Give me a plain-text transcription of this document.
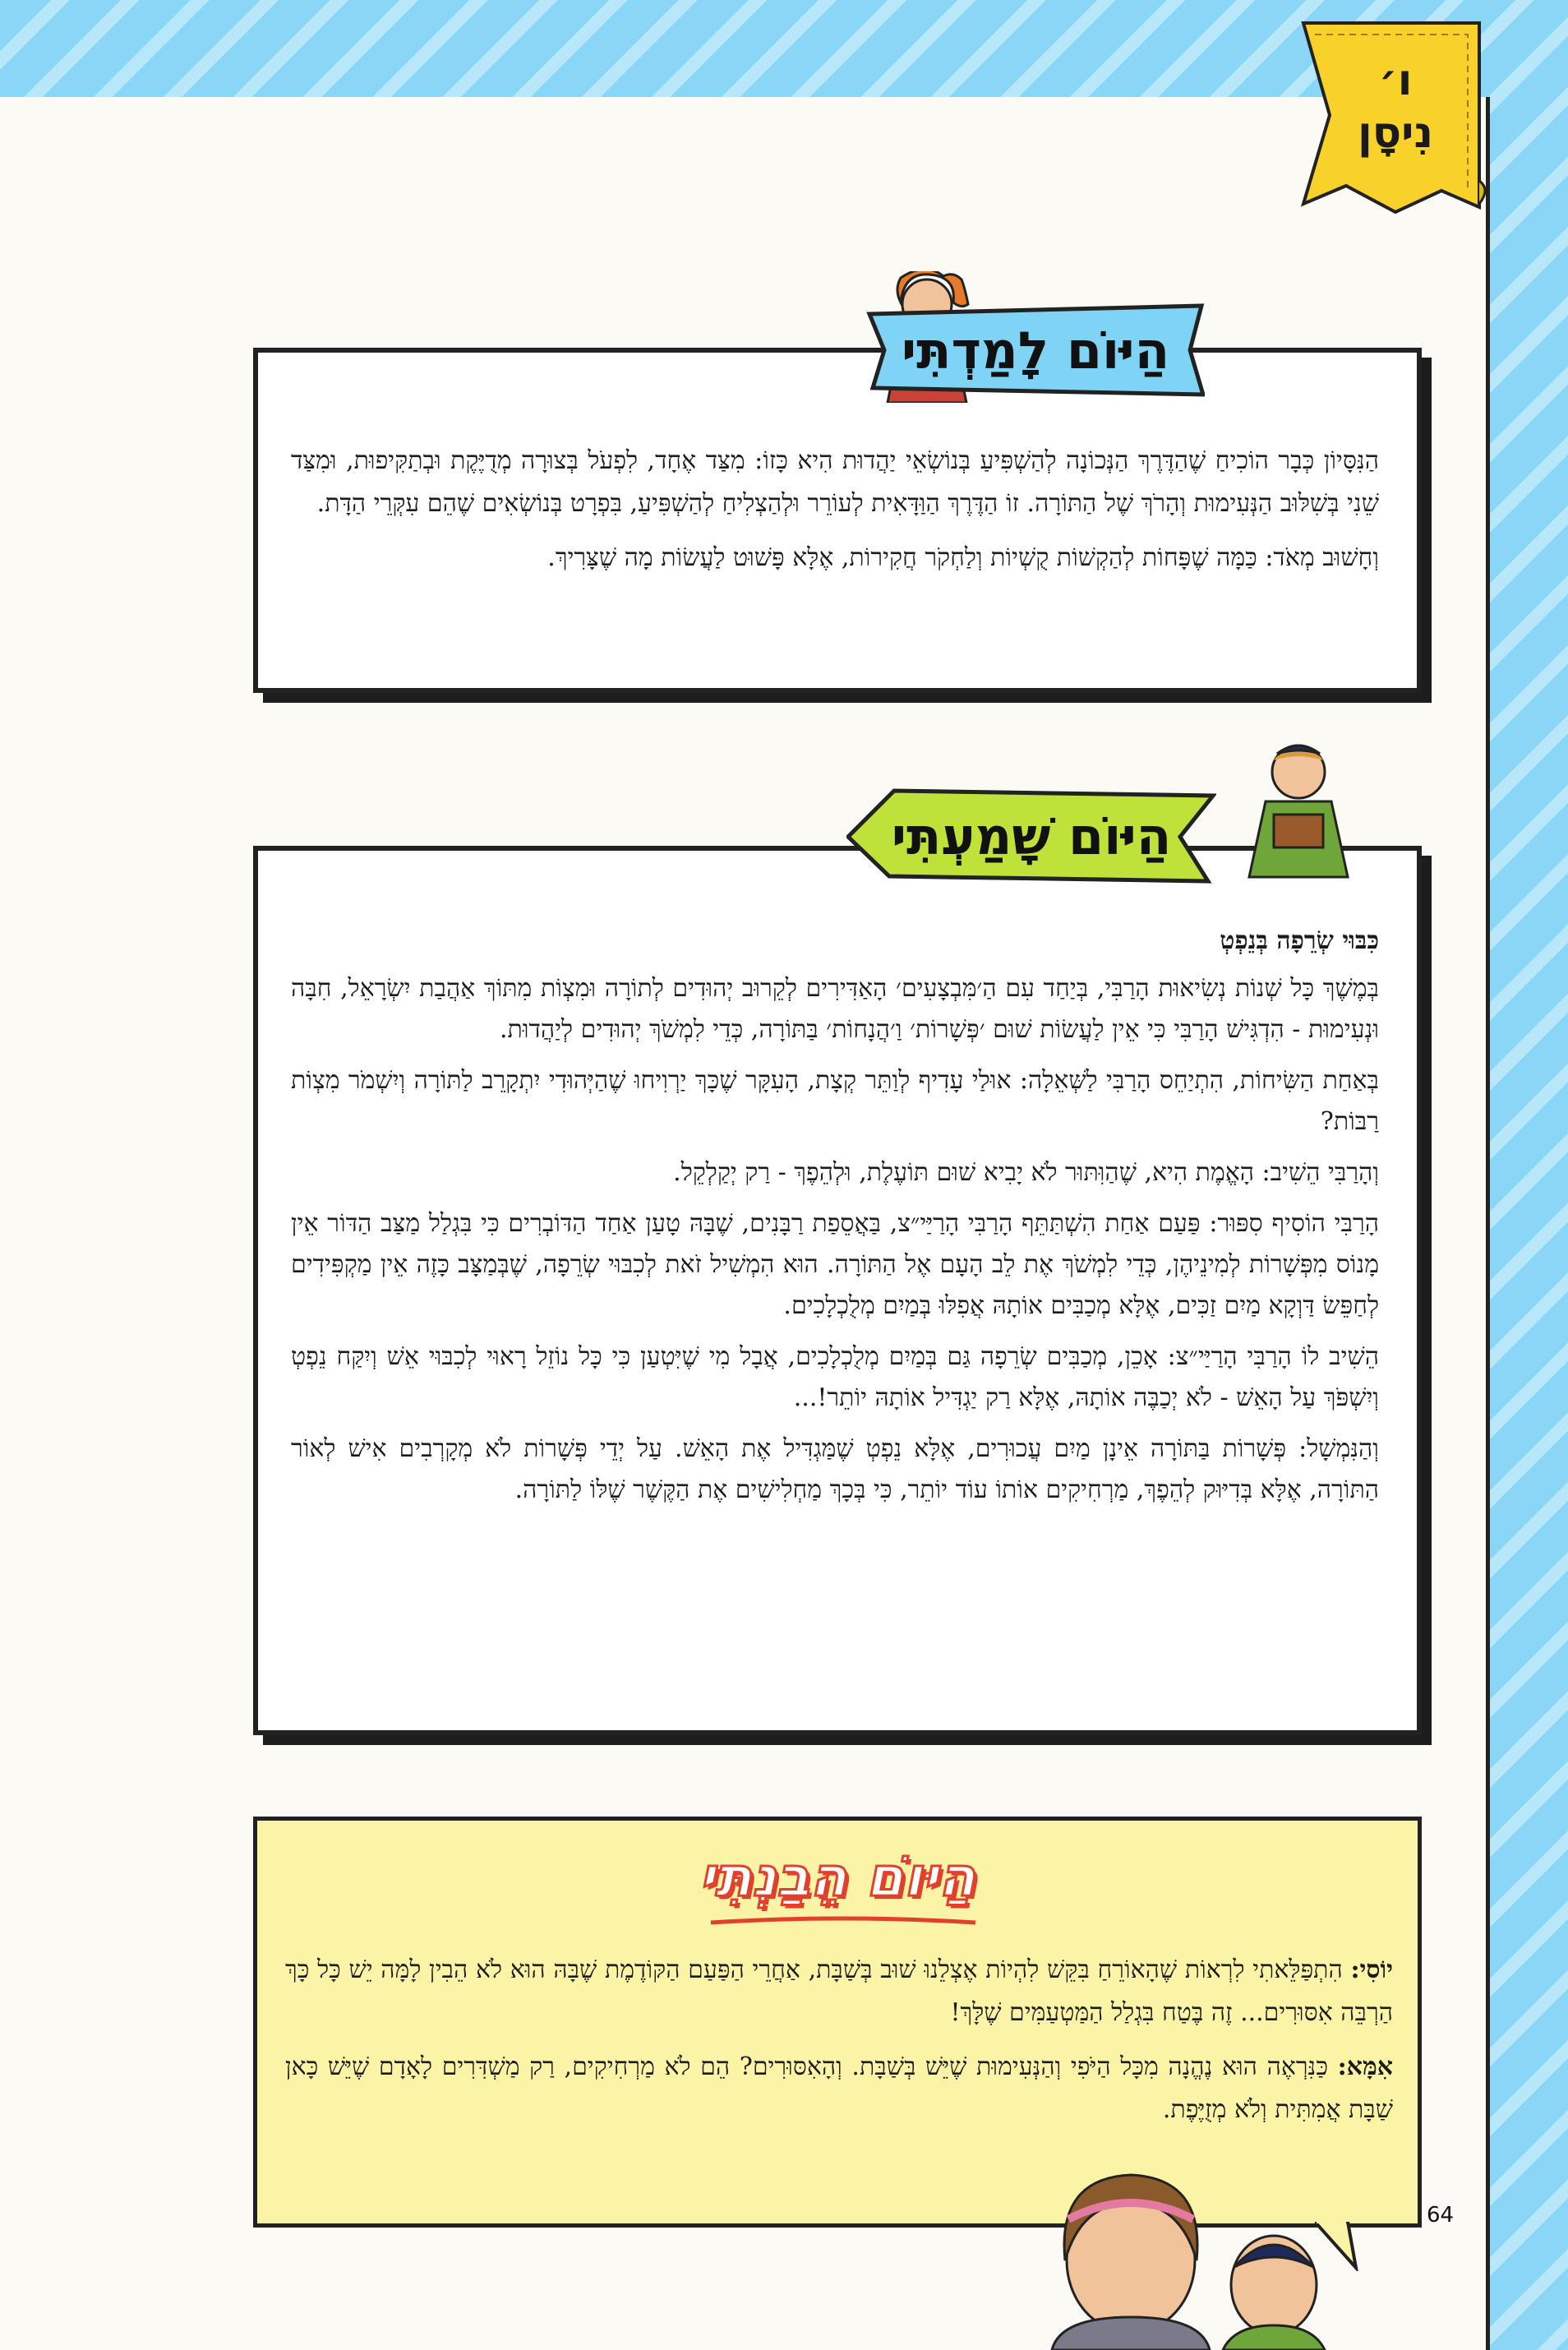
ו׳
נִיסָן

הַנִּסָּיוֹן כְּבָר הוֹכִיחַ שֶׁהַדֶּרֶךְ הַנְּכוֹנָה לְהַשְׁפִּיעַ בְּנוֹשְׂאֵי יַהֲדוּת הִיא כָּזוֹ: מִצַּד אֶחָד, לִפְעֹל בְּצוּרָה מְדֻיֶּקֶת וּבְתַקִּיפוּת, וּמִצַּד שֵׁנִי בְּשִׁלּוּב הַנְּעִימוּת וְהָרֹךְ שֶׁל הַתּוֹרָה. זוֹ הַדֶּרֶךְ הַוַּדָּאִית לְעוֹרֵר וּלְהַצְלִיחַ לְהַשְׁפִּיעַ, בִּפְרָט בְּנוֹשְׂאִים שֶׁהֵם עִקְּרֵי הַדָּת.

וְחָשׁוּב מְאֹד: כַּמָּה שֶׁפָּחוֹת לְהַקְשׁוֹת קֻשְׁיוֹת וְלַחְקֹר חֲקִירוֹת, אֶלָּא פָּשׁוּט לַעֲשׂוֹת מָה שֶׁצָּרִיךְ.

הַיּוֹם לָמַדְתִּי

כִּבּוּי שְׂרֵפָה בְּנֵפְטְ

בְּמֶשֶׁךְ כָּל שְׁנוֹת נְשִׂיאוּת הָרַבִּי, בְּיַחַד עִם הַ׳מִּבְצָעִים׳ הָאַדִּירִים לְקֵרוּב יְהוּדִים לְתוֹרָה וּמִצְוֹת מִתּוֹךְ אַהֲבַת יִשְׂרָאֵל, חִבָּה וּנְעִימוּת - הִדְגִּישׁ הָרַבִּי כִּי אֵין לַעֲשׂוֹת שׁוּם ׳פְּשָׁרוֹת׳ וַ׳הֲנָחוֹת׳ בַּתּוֹרָה, כְּדֵי לִמְשֹׁךְ יְהוּדִים לְיַהֲדוּת.

בְּאַחַת הַשִּׂיחוֹת, הִתְיַחֵס הָרַבִּי לַשְּׁאֵלָה: אוּלַי עָדִיף לְוַתֵּר קְצָת, הָעִקָּר שֶׁכָּךְ יַרְוִיחוּ שֶׁהַיְּהוּדִי יִתְקָרֵב לַתּוֹרָה וְיִשְׁמֹר מִצְוֹת רַבּוֹת?

וְהָרַבִּי הֵשִׁיב: הָאֱמֶת הִיא, שֶׁהַוִּתּוּר לֹא יָבִיא שׁוּם תּוֹעֶלֶת, וּלְהֵפֶךְ - רַק יְקַלְקֵל.

הָרַבִּי הוֹסִיף סִפּוּר: פַּעַם אַחַת הִשְׁתַּתֵּף הָרַבִּי הָרַיַּי״צ, בַּאֲסֵפַת רַבָּנִים, שֶׁבָּהּ טָעַן אַחַד הַדּוֹבְרִים כִּי בִּגְלַל מַצַּב הַדּוֹר אֵין מָנוֹס מִפְּשָׁרוֹת לְמִינֵיהֶן, כְּדֵי לִמְשֹׁךְ אֶת לֵב הָעָם אֶל הַתּוֹרָה. הוּא הִמְשִׁיל זֹאת לְכִבּוּי שְׂרֵפָה, שֶׁבְּמַצָּב כָּזֶה אֵין מַקְפִּידִים לְחַפֵּשׂ דַּוְקָא מַיִם זַכִּים, אֶלָּא מְכַבִּים אוֹתָהּ אֲפִלּוּ בְּמַיִם מְלֻכְלָכִים.

הֵשִׁיב לוֹ הָרַבִּי הָרַיַּי״צ: אָכֵן, מְכַבִּים שְׂרֵפָה גַּם בְּמַיִם מְלֻכְלָכִים, אֲבָל מִי שֶׁיִּטְעַן כִּי כָּל נוֹזֵל רָאוּי לְכִבּוּי אֵשׁ וְיִקַּח נֵפְטְ וְיִשְׁפֹּךְ עַל הָאֵשׁ - לֹא יְכַבֶּה אוֹתָהּ, אֶלָּא רַק יַגְדִּיל אוֹתָהּ יוֹתֵר!...

וְהַנִּמְשָׁל: פְּשָׁרוֹת בַּתּוֹרָה אֵינָן מַיִם עֲכוּרִים, אֶלָּא נֵפְטְ שֶׁמַּגְדִּיל אֶת הָאֵשׁ. עַל יְדֵי פְּשָׁרוֹת לֹא מְקָרְבִים אִישׁ לְאוֹר הַתּוֹרָה, אֶלָּא בְּדִיּוּק לְהֵפֶךְ, מַרְחִיקִים אוֹתוֹ עוֹד יוֹתֵר, כִּי בְּכָךְ מַחְלִישִׁים אֶת הַקֶּשֶׁר שֶׁלּוֹ לַתּוֹרָה.

הַיּוֹם שָׁמַעְתִּי
הַיּוֹם הֵבַנְתִּי

יוֹסִי: הִתְפַּלֵּאתִי לִרְאוֹת שֶׁהָאוֹרֵחַ בִּקֵּשׁ לִהְיוֹת אֶצְלֵנוּ שׁוּב בְּשַׁבָּת, אַחֲרֵי הַפַּעַם הַקּוֹדֶמֶת שֶׁבָּהּ הוּא לֹא הֵבִין לָמָּה יֵשׁ כָּל כָּךְ הַרְבֵּה אִסּוּרִים... זֶה בֶּטַח בִּגְלַל הַמַּטְעַמִּים שֶׁלָּךְ!

אִמָּא: כַּנִּרְאֶה הוּא נֶהֱנָה מִכָּל הַיֹּפִי וְהַנְּעִימוּת שֶׁיֵּשׁ בְּשַׁבָּת. וְהָאִסּוּרִים? הֵם לֹא מַרְחִיקִים, רַק מַשְׁדִּרִים לָאָדָם שֶׁיֵּשׁ כָּאן שַׁבָּת אֲמִתִּית וְלֹא מְזֻיֶּפֶת.

64
